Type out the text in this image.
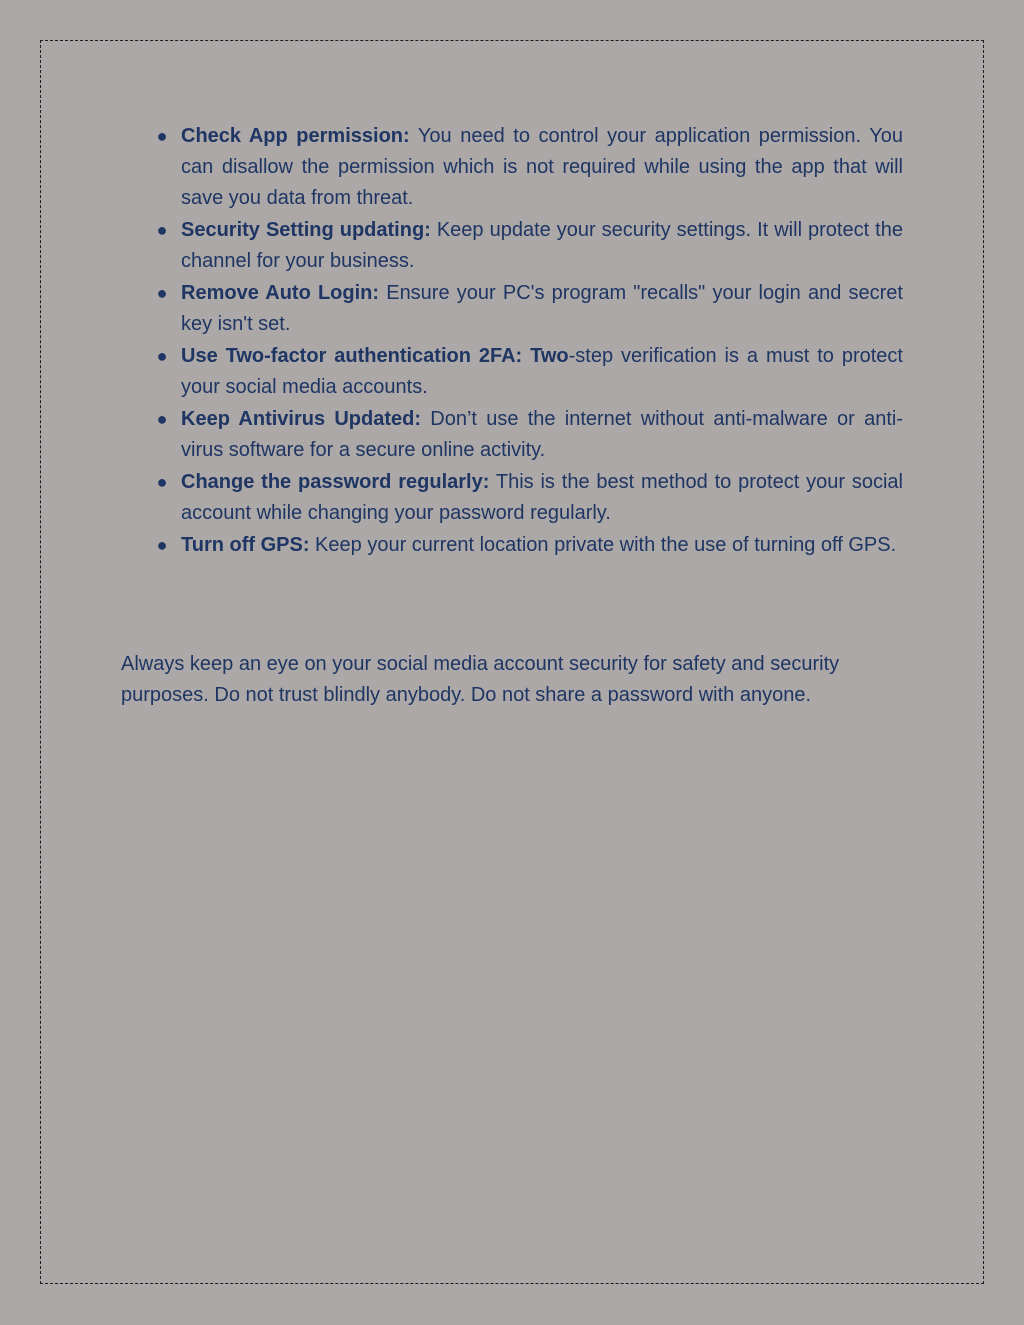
● Check App permission: You need to control your application permission. You can disallow the permission which is not required while using the app that will save you data from threat.
● Security Setting updating: Keep update your security settings. It will protect the channel for your business.
● Remove Auto Login: Ensure your PC's program "recalls" your login and secret key isn't set.
● Use Two-factor authentication 2FA: Two-step verification is a must to protect your social media accounts.
● Keep Antivirus Updated: Don’t use the internet without anti-malware or anti-virus software for a secure online activity.
● Change the password regularly: This is the best method to protect your social account while changing your password regularly.
● Turn off GPS: Keep your current location private with the use of turning off GPS.

Always keep an eye on your social media account security for safety and security purposes. Do not trust blindly anybody. Do not share a password with anyone.
